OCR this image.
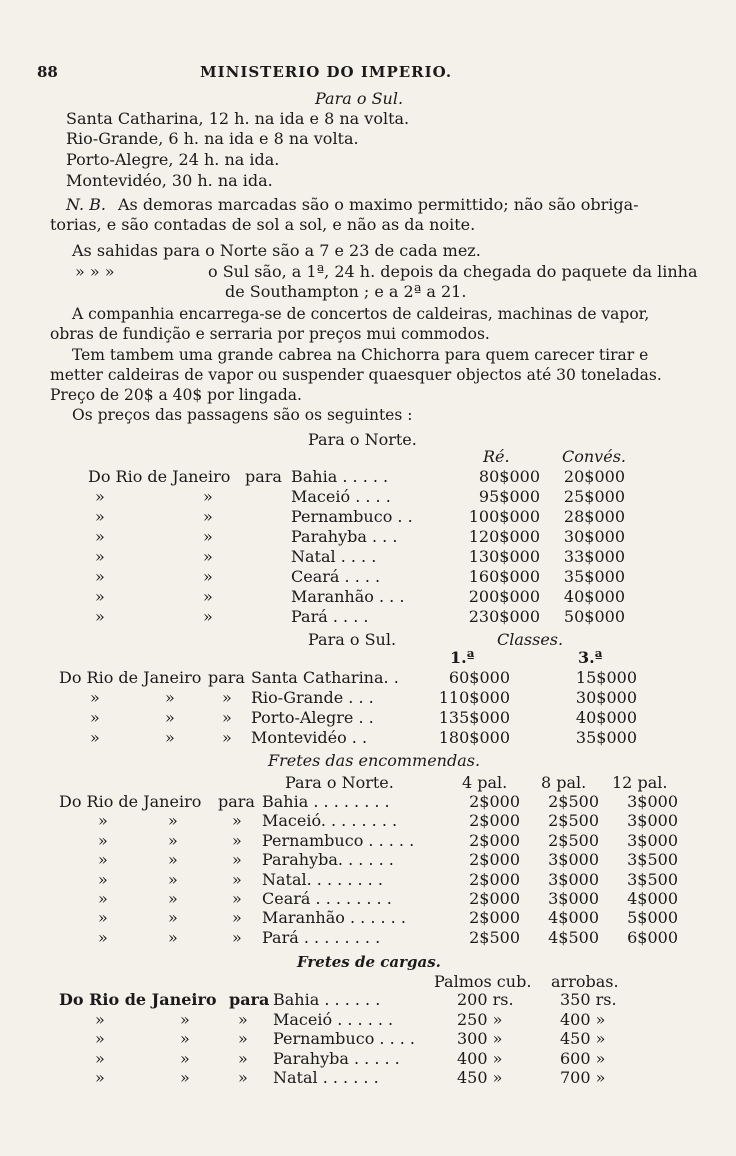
88	MINISTERIO DO IMPERIO.
Para o Sul.
Santa Catharina, 12 h. na ida e 8 na volta.
Rio-Grande, 6 h. na ida e 8 na volta.
Porto-Alegre, 24 h. na ida.
Montevidéo, 30 h. na ida.
N. B. As demoras marcadas são o maximo permittido; não são obriga-
torias, e são contadas de sol a sol, e não as da noite.
As sahidas para o Norte são a 7 e 23 de cada mez.
» » »	o Sul são, a 1ª, 24 h. depois da chegada do paquete da linha
de Southampton ; e a 2ª a 21.
A companhia encarrega-se de concertos de caldeiras, machinas de vapor,
obras de fundição e serraria por preços mui commodos.
Tem tambem uma grande cabrea na Chichorra para quem carecer tirar e
metter caldeiras de vapor ou suspender quaesquer objectos até 30 toneladas.
Preço de 20$ a 40$ por lingada.
Os preços das passagens são os seguintes :
Para o Norte.
Ré.	Convés.
Do Rio de Janeiro para Bahia . . . . .	80$000	20$000
»	»	Maceió . . . .	95$000	25$000
»	»	Pernambuco . .	100$000	28$000
»	»	Parahyba . . .	120$000	30$000
»	»	Natal . . . .	130$000	33$000
»	»	Ceará . . . .	160$000	35$000
»	»	Maranhão . . .	200$000	40$000
»	»	Pará . . . .	230$000	50$000
Para o Sul.	Classes.
1.ª	3.ª
Do Rio de Janeiro para Santa Catharina. .	60$000	15$000
»	»	» Rio-Grande . . .	110$000	30$000
»	»	» Porto-Alegre . .	135$000	40$000
»	»	» Montevidéo . .	180$000	35$000
Fretes das encommendas.
Para o Norte.	4 pal. 8 pal. 12 pal.
Do Rio de Janeiro para Bahia . . . . . . . .	2$000	2$500	3$000
»	»	» Maceió. . . . . . . .	2$000	2$500	3$000
»	»	» Pernambuco . . . . .	2$000	2$500	3$000
»	»	» Parahyba. . . . . .	2$000	3$000	3$500
»	»	» Natal. . . . . . . .	2$000	3$000	3$500
»	»	» Ceará . . . . . . . .	2$000	3$000	4$000
»	»	» Maranhão . . . . . .	2$000	4$000	5$000
»	»	» Pará . . . . . . . .	2$500	4$500	6$000
Fretes de cargas.
Palmos cub. arrobas.
Do Rio de Janeiro para Bahia . . . . . .	200 rs.	350 rs.
»	»	» Maceió . . . . . .	250 »	400 »
»	»	» Pernambuco . . . .	300 »	450 »
»	»	» Parahyba . . . . .	400 »	600 »
»	»	» Natal . . . . . .	450 »	700 »
